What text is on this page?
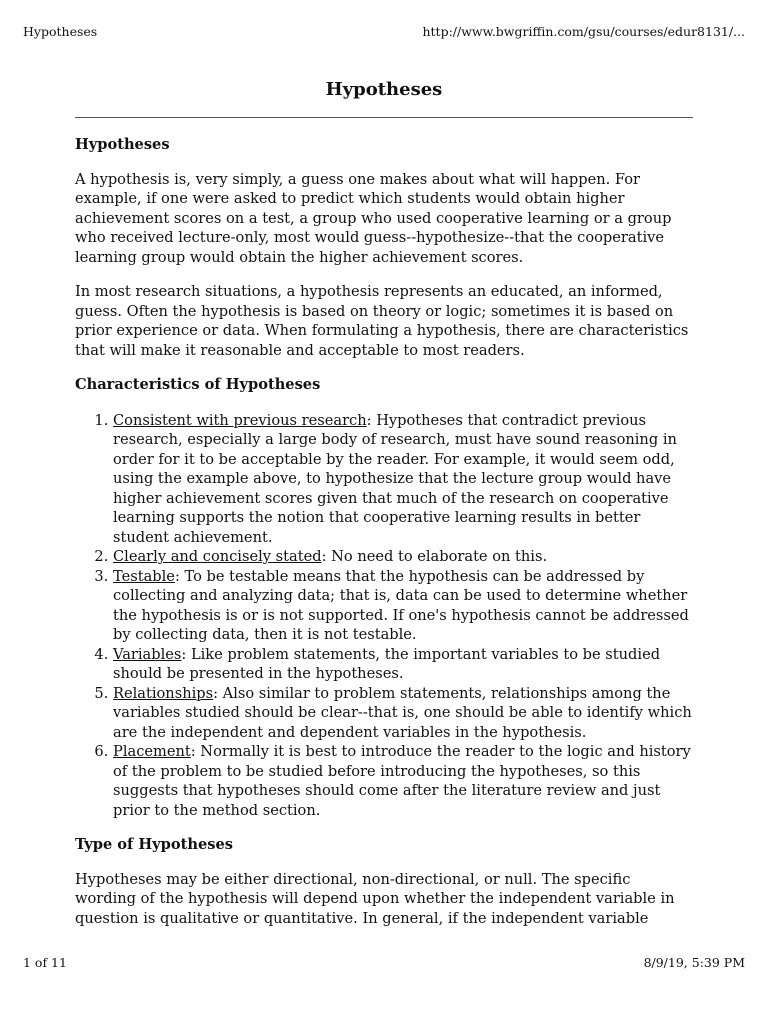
Hypotheses	http://www.bwgriffin.com/gsu/courses/edur8131/...
Hypotheses
Hypotheses

A hypothesis is, very simply, a guess one makes about what will happen. For example, if one were asked to predict which students would obtain higher achievement scores on a test, a group who used cooperative learning or a group who received lecture-only, most would guess--hypothesize--that the cooperative learning group would obtain the higher achievement scores.

In most research situations, a hypothesis represents an educated, an informed, guess. Often the hypothesis is based on theory or logic; sometimes it is based on prior experience or data. When formulating a hypothesis, there are characteristics that will make it reasonable and acceptable to most readers.

Characteristics of Hypotheses
1. Consistent with previous research: Hypotheses that contradict previous research, especially a large body of research, must have sound reasoning in order for it to be acceptable by the reader. For example, it would seem odd, using the example above, to hypothesize that the lecture group would have higher achievement scores given that much of the research on cooperative learning supports the notion that cooperative learning results in better student achievement.
2. Clearly and concisely stated: No need to elaborate on this.
3. Testable: To be testable means that the hypothesis can be addressed by collecting and analyzing data; that is, data can be used to determine whether the hypothesis is or is not supported. If one's hypothesis cannot be addressed by collecting data, then it is not testable.
4. Variables: Like problem statements, the important variables to be studied should be presented in the hypotheses.
5. Relationships: Also similar to problem statements, relationships among the variables studied should be clear--that is, one should be able to identify which are the independent and dependent variables in the hypothesis.
6. Placement: Normally it is best to introduce the reader to the logic and history of the problem to be studied before introducing the hypotheses, so this suggests that hypotheses should come after the literature review and just prior to the method section.
Type of Hypotheses

Hypotheses may be either directional, non-directional, or null. The specific wording of the hypothesis will depend upon whether the independent variable in question is qualitative or quantitative. In general, if the independent variable

1 of 11	8/9/19, 5:39 PM
